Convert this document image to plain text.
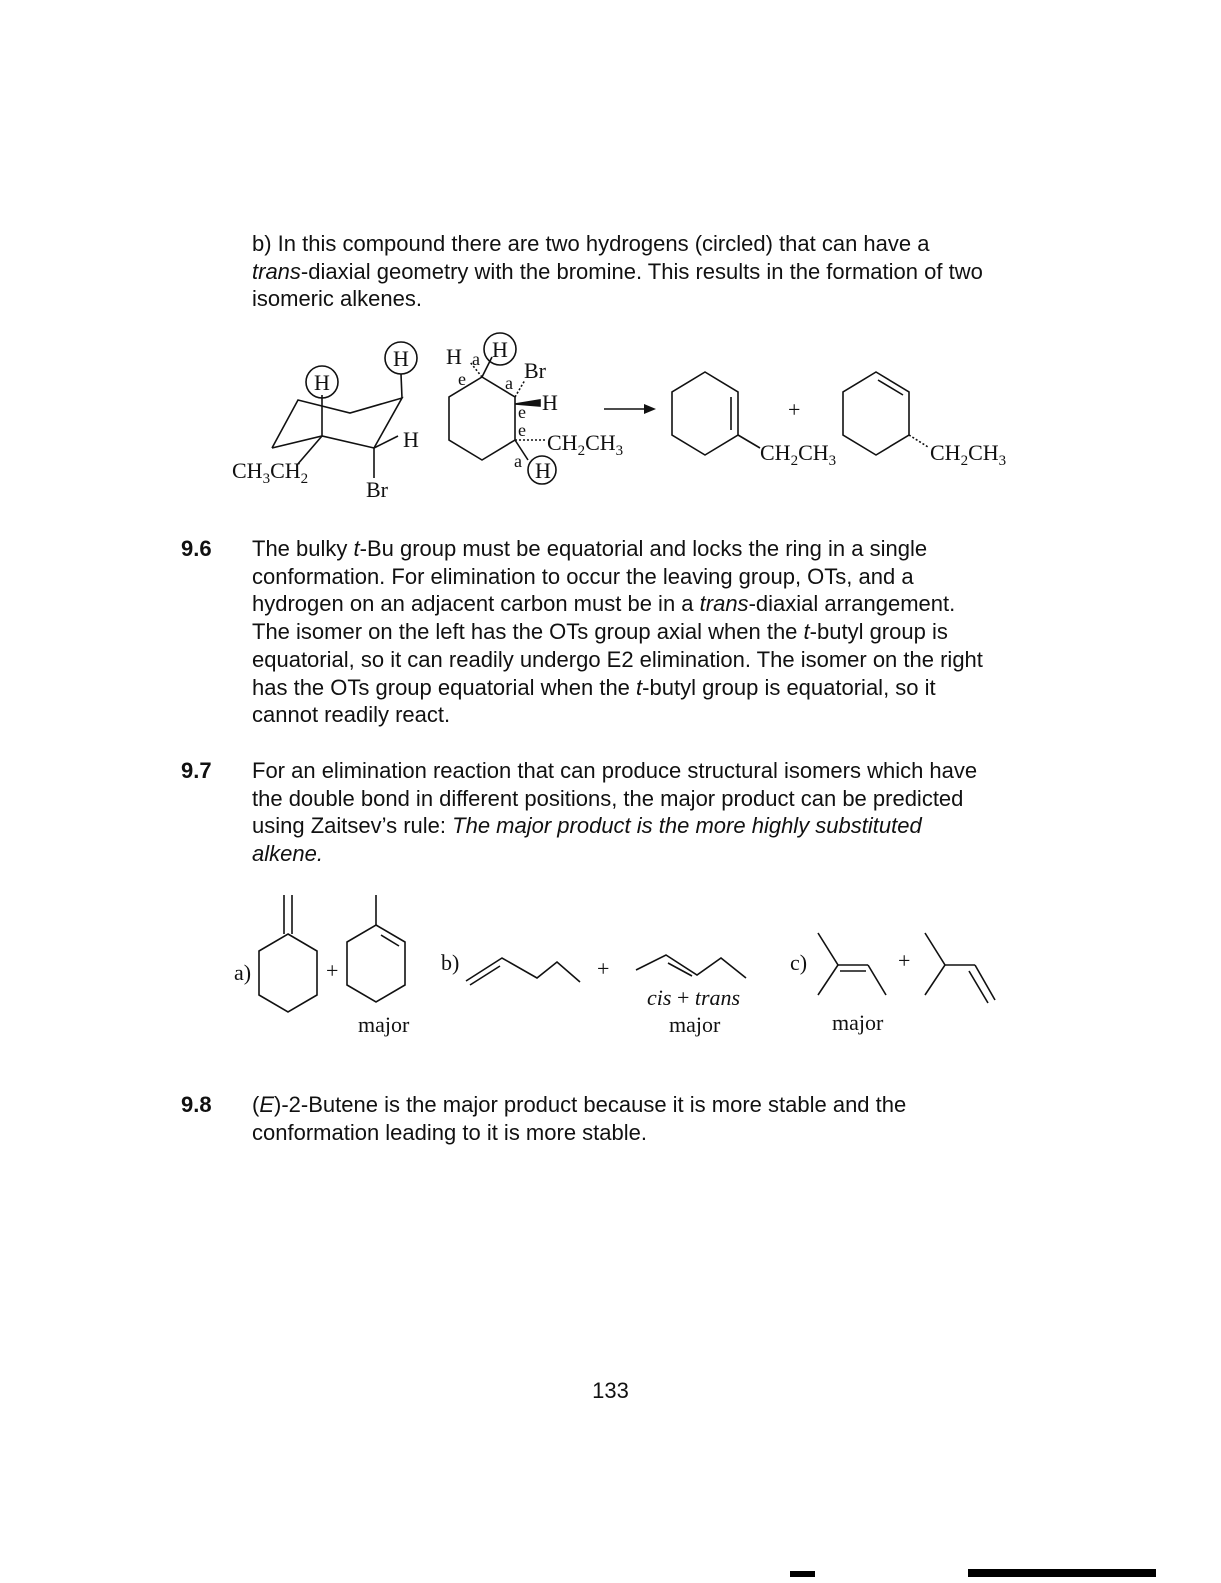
b) In this compound there are two hydrogens (circled) that can have a
trans-diaxial geometry with the bromine. This results in the formation of two
isomeric alkenes.

H
H
H
$CH_3CH_2$	Br
H a
e
H
Br
a
H
e
e $CH_2CH_3$
a H
+
$CH_2CH_3$	$CH_2CH_3$
9.6 The bulky t-Bu group must be equatorial and locks the ring in a single
conformation. For elimination to occur the leaving group, OTs, and a
hydrogen on an adjacent carbon must be in a trans-diaxial arrangement.
The isomer on the left has the OTs group axial when the t-butyl group is
equatorial, so it can readily undergo E2 elimination. The isomer on the right
has the OTs group equatorial when the t-butyl group is equatorial, so it
cannot readily react.

9.7 For an elimination reaction that can produce structural isomers which have
the double bond in different positions, the major product can be predicted
using Zaitsev’s rule: The major product is the more highly substituted
alkene.

a)	+
major
b)	+
cis + trans
major
c)	+
major
9.8 (E)-2-Butene is the major product because it is more stable and the
conformation leading to it is more stable.

133
